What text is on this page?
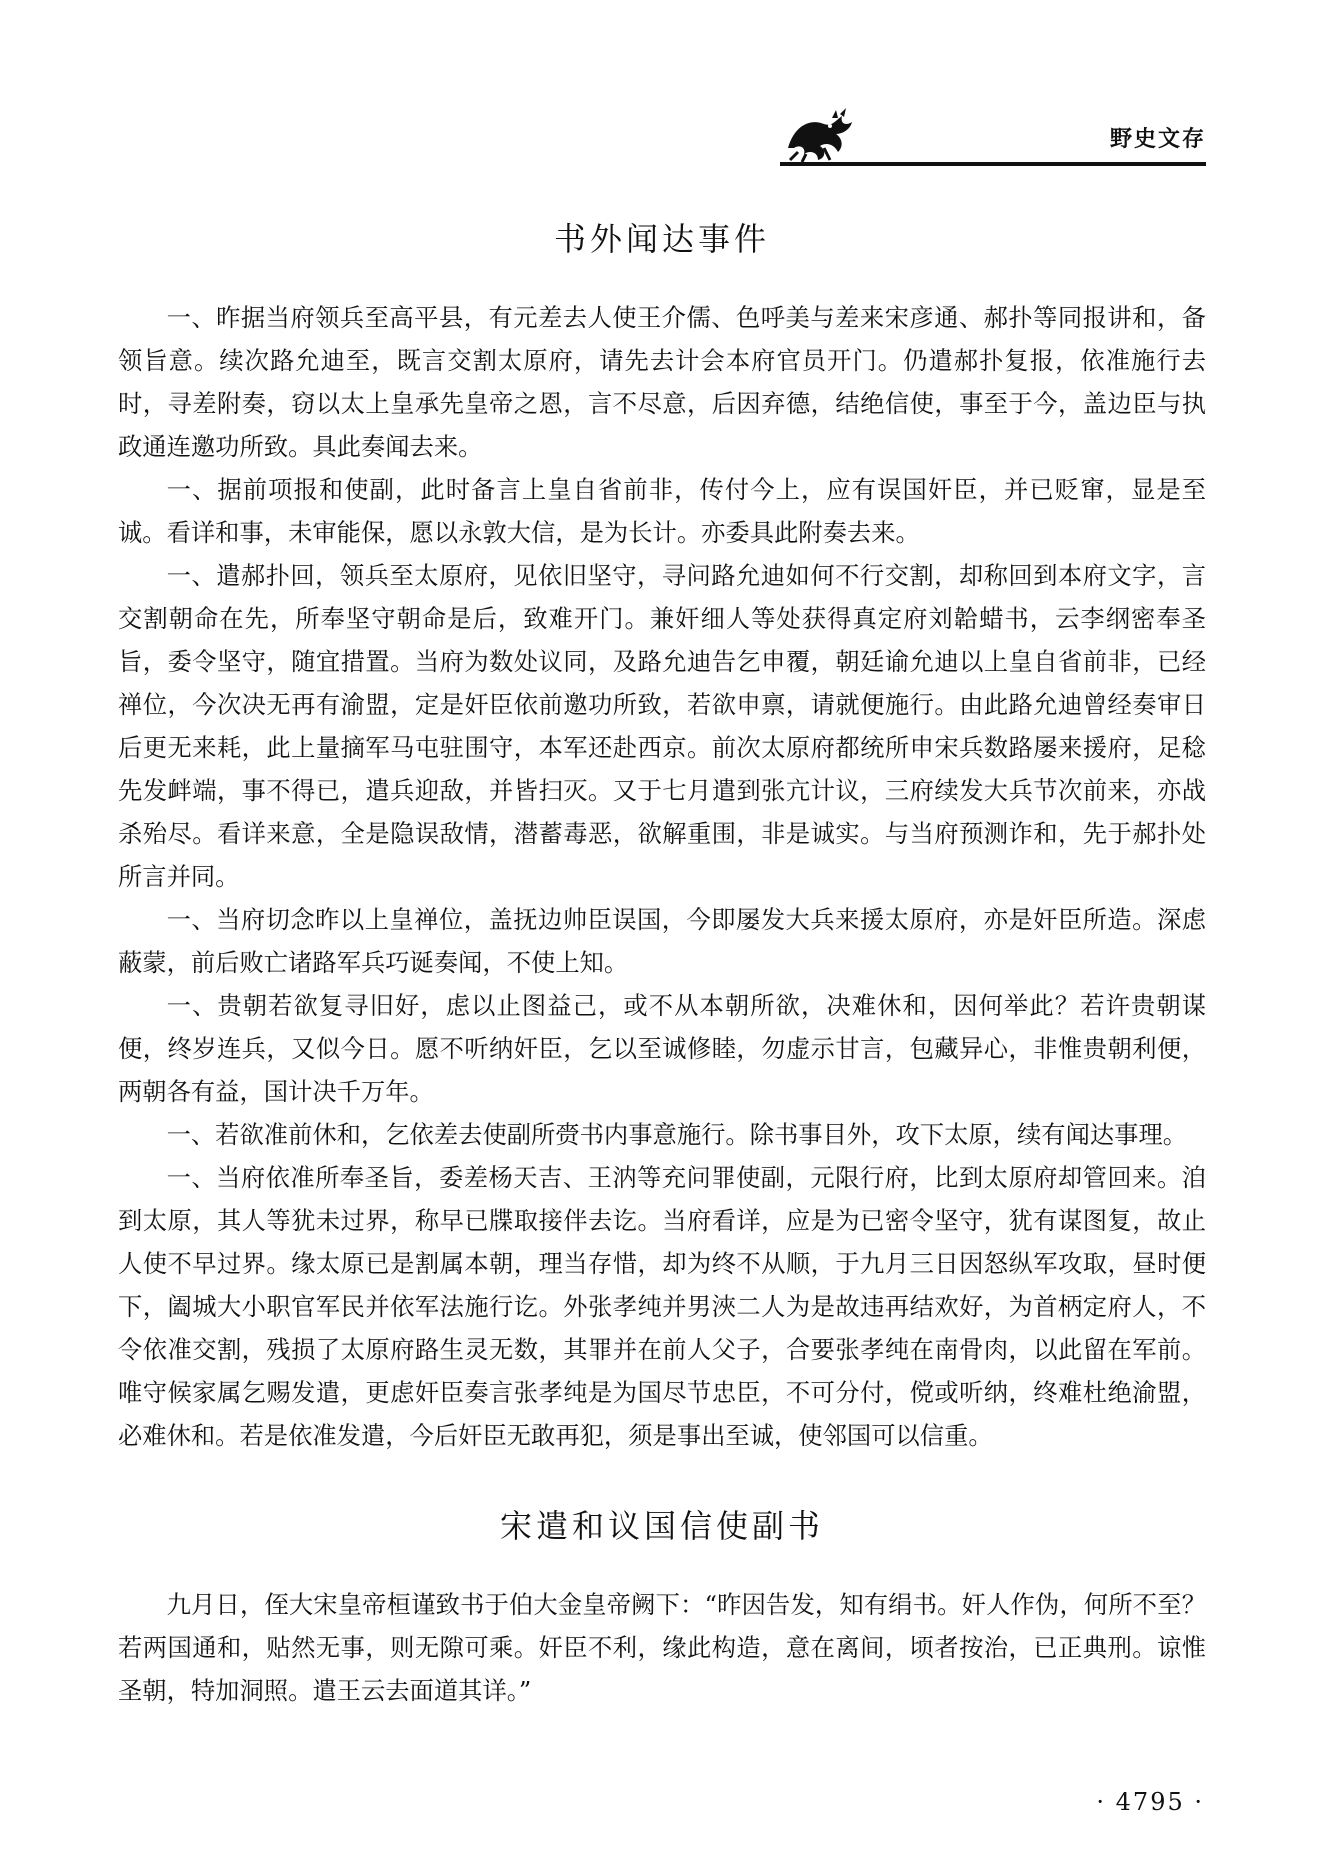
野史文存
书外闻达事件

一、昨据当府领兵至高平县，有元差去人使王介儒、色呼美与差来宋彦通、郝扑等同报讲和，备领旨意。续次路允迪至，既言交割太原府，请先去计会本府官员开门。仍遣郝扑复报，依准施行去时，寻差附奏，窃以太上皇承先皇帝之恩，言不尽意，后因弃德，结绝信使，事至于今，盖边臣与执政通连邀功所致。具此奏闻去来。

一、据前项报和使副，此时备言上皇自省前非，传付今上，应有误国奸臣，并已贬窜，显是至诚。看详和事，未审能保，愿以永敦大信，是为长计。亦委具此附奏去来。

一、遣郝扑回，领兵至太原府，见依旧坚守，寻问路允迪如何不行交割，却称回到本府文字，言交割朝命在先，所奉坚守朝命是后，致难开门。兼奸细人等处获得真定府刘韐蜡书，云李纲密奉圣旨，委令坚守，随宜措置。当府为数处议同，及路允迪告乞申覆，朝廷谕允迪以上皇自省前非，已经禅位，今次决无再有渝盟，定是奸臣依前邀功所致，若欲申禀，请就便施行。由此路允迪曾经奏审日后更无来耗，此上量摘军马屯驻围守，本军还赴西京。前次太原府都统所申宋兵数路屡来援府，足稔先发衅端，事不得已，遣兵迎敌，并皆扫灭。又于七月遣到张亢计议，三府续发大兵节次前来，亦战杀殆尽。看详来意，全是隐误敌情，潜蓄毒恶，欲解重围，非是诚实。与当府预测诈和，先于郝扑处所言并同。

一、当府切念昨以上皇禅位，盖抚边帅臣误国，今即屡发大兵来援太原府，亦是奸臣所造。深虑蔽蒙，前后败亡诸路军兵巧诞奏闻，不使上知。

一、贵朝若欲复寻旧好，虑以止图益己，或不从本朝所欲，决难休和，因何举此？若许贵朝谋便，终岁连兵，又似今日。愿不听纳奸臣，乞以至诚修睦，勿虚示甘言，包藏异心，非惟贵朝利便，两朝各有益，国计决千万年。

一、若欲准前休和，乞依差去使副所赍书内事意施行。除书事目外，攻下太原，续有闻达事理。

一、当府依准所奉圣旨，委差杨天吉、王汭等充问罪使副，元限行府，比到太原府却管回来。洎到太原，其人等犹未过界，称早已牒取接伴去讫。当府看详，应是为已密令坚守，犹有谋图复，故止人使不早过界。缘太原已是割属本朝，理当存惜，却为终不从顺，于九月三日因怒纵军攻取，昼时便下，阖城大小职官军民并依军法施行讫。外张孝纯并男浹二人为是故违再结欢好，为首柄定府人，不令依准交割，残损了太原府路生灵无数，其罪并在前人父子，合要张孝纯在南骨肉，以此留在军前。唯守候家属乞赐发遣，更虑奸臣奏言张孝纯是为国尽节忠臣，不可分付，傥或听纳，终难杜绝渝盟，必难休和。若是依准发遣，今后奸臣无敢再犯，须是事出至诚，使邻国可以信重。

宋遣和议国信使副书

九月日，侄大宋皇帝桓谨致书于伯大金皇帝阙下：“昨因告发，知有绢书。奸人作伪，何所不至？若两国通和，贴然无事，则无隙可乘。奸臣不利，缘此构造，意在离间，顷者按治，已正典刑。谅惟圣朝，特加洞照。遣王云去面道其详。”

· 4795 ·
